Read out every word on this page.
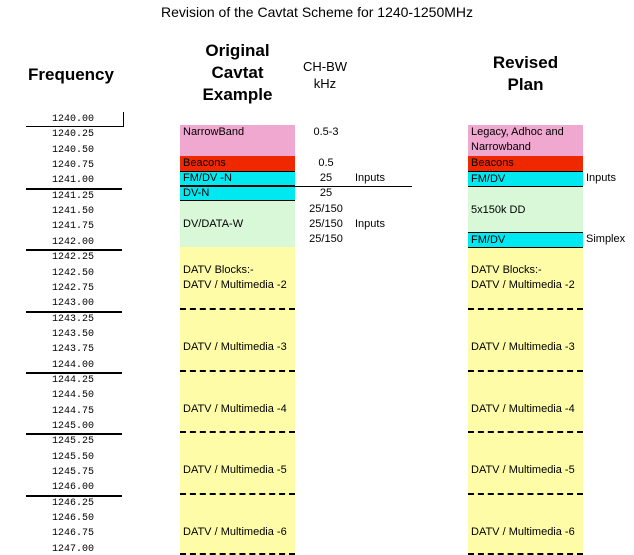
Revision of the Cavtat Scheme for 1240-1250MHz
Frequency
Original
Cavtat
Example
CH-BW
kHz
Revised
Plan
1240.00
1240.25
1240.50
1240.75
1241.00
1241.25
1241.50
1241.75
1242.00
1242.25
1242.50
1242.75
1243.00
1243.25
1243.50
1243.75
1244.00
1244.25
1244.50
1244.75
1245.00
1245.25
1245.50
1245.75
1246.00
1246.25
1246.50
1246.75
1247.00
NarrowBand
Beacons
FM/DV -N
DV-N
DV/DATA-W
DATV Blocks:-
DATV / Multimedia -2
DATV / Multimedia -3
DATV / Multimedia -4
DATV / Multimedia -5
DATV / Multimedia -6
0.5-3
0.5
25
25
25/150
25/150
25/150
Inputs
Inputs
Legacy, Adhoc and
Narrowband
Beacons
FM/DV
5x150k DD
FM/DV
DATV Blocks:-
DATV / Multimedia -2
DATV / Multimedia -3
DATV / Multimedia -4
DATV / Multimedia -5
DATV / Multimedia -6
Inputs
Simplex
